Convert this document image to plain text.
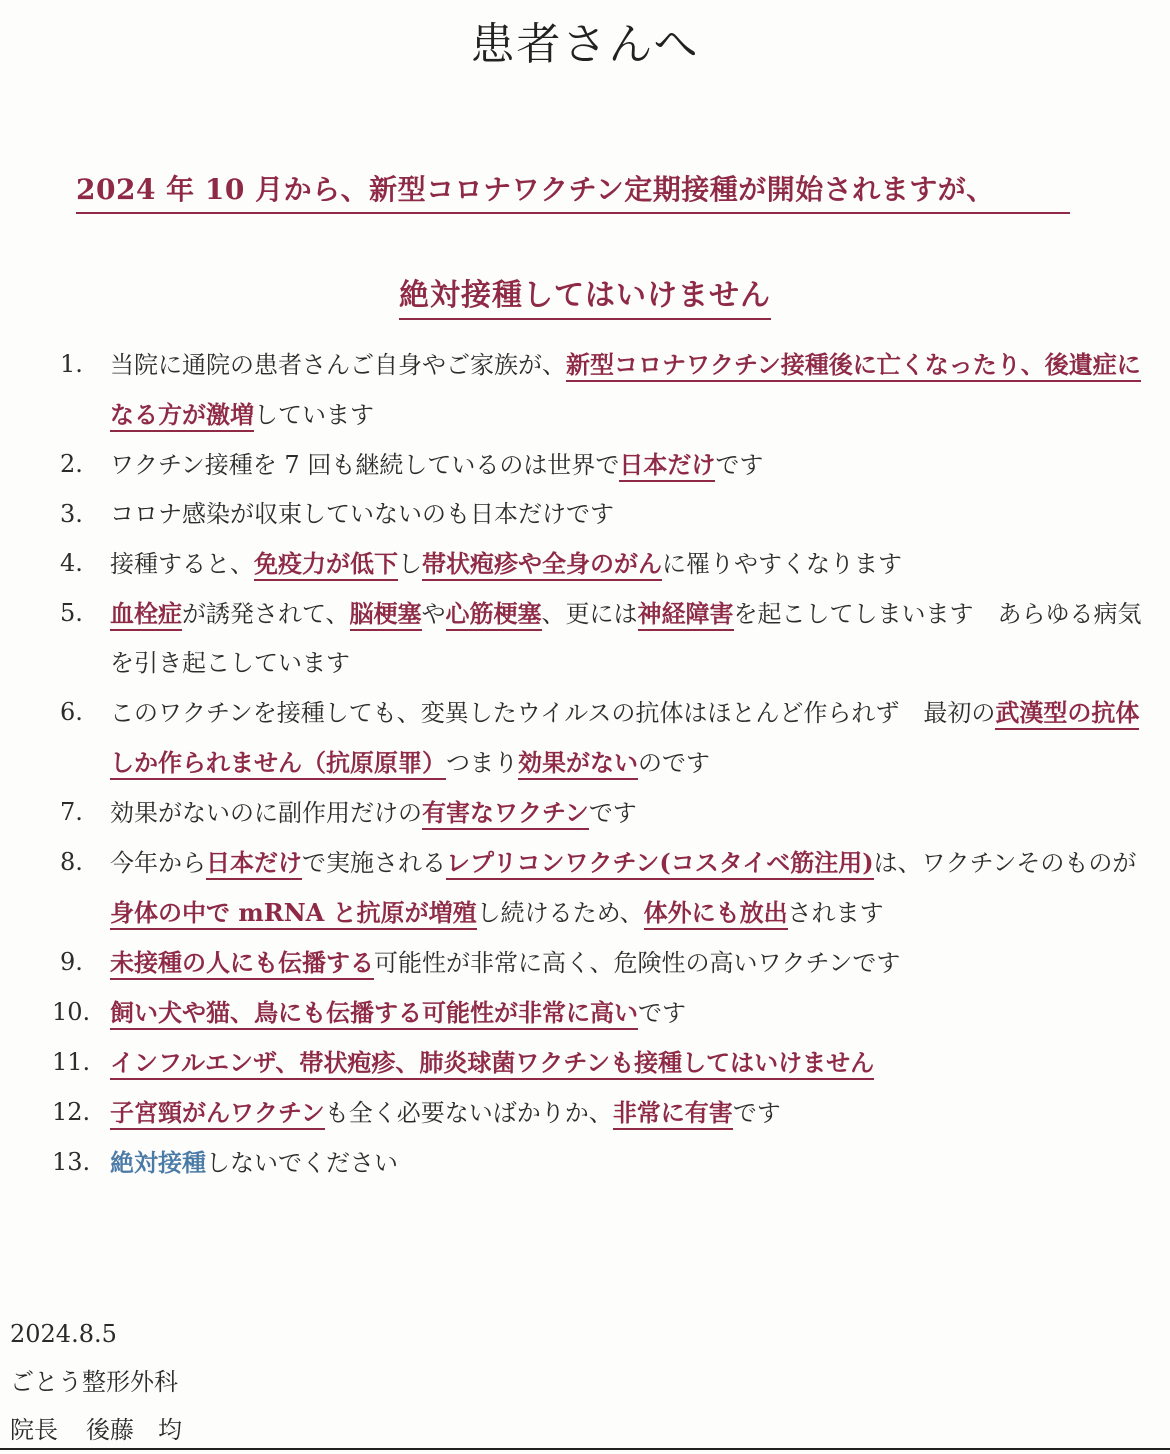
患者さんへ
2024 年 10 月から、新型コロナワクチン定期接種が開始されますが、
絶対接種してはいけません
1.	当院に通院の患者さんご自身やご家族が、新型コロナワクチン接種後に亡くなったり、後遺症になる方が激増しています
2.	ワクチン接種を 7 回も継続しているのは世界で日本だけです
3.	コロナ感染が収束していないのも日本だけです
4.	接種すると、免疫力が低下し帯状疱疹や全身のがんに罹りやすくなります
5.	血栓症が誘発されて、脳梗塞や心筋梗塞、更には神経障害を起こしてしまいます　あらゆる病気を引き起こしています
6.	このワクチンを接種しても、変異したウイルスの抗体はほとんど作られず　最初の武漢型の抗体しか作られません（抗原原罪）つまり効果がないのです
7.	効果がないのに副作用だけの有害なワクチンです
8.	今年から日本だけで実施されるレプリコンワクチン(コスタイベ筋注用)は、ワクチンそのものが身体の中で mRNA と抗原が増殖し続けるため、体外にも放出されます
9.	未接種の人にも伝播する可能性が非常に高く、危険性の高いワクチンです
10. 飼い犬や猫、鳥にも伝播する可能性が非常に高いです
11. インフルエンザ、帯状疱疹、肺炎球菌ワクチンも接種してはいけません
12. 子宮頸がんワクチンも全く必要ないばかりか、非常に有害です
13. 絶対接種しないでください
2024.8.5
ごとう整形外科
院長 後藤　均
